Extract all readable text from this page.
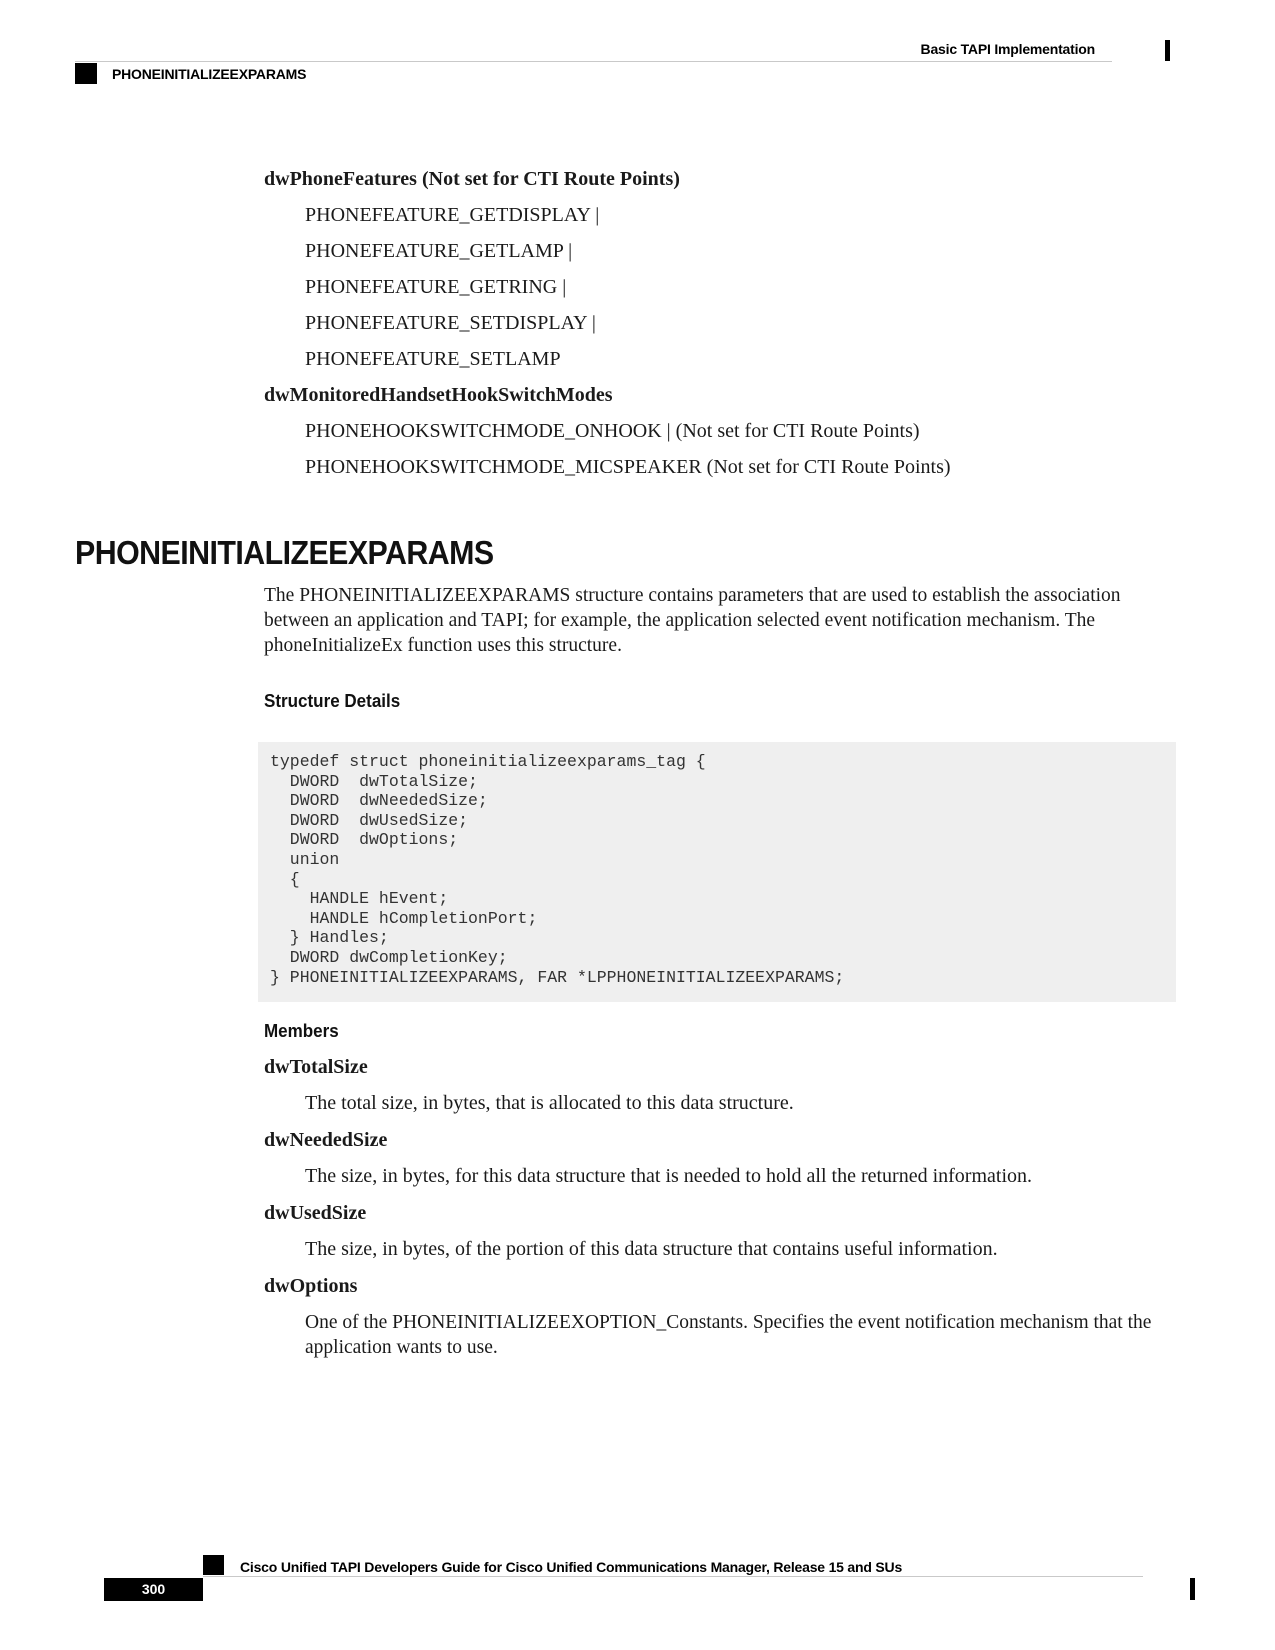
Basic TAPI Implementation
PHONEINITIALIZEEXPARAMS
dwPhoneFeatures (Not set for CTI Route Points)
PHONEFEATURE_GETDISPLAY |
PHONEFEATURE_GETLAMP |
PHONEFEATURE_GETRING |
PHONEFEATURE_SETDISPLAY |
PHONEFEATURE_SETLAMP
dwMonitoredHandsetHookSwitchModes
PHONEHOOKSWITCHMODE_ONHOOK | (Not set for CTI Route Points)
PHONEHOOKSWITCHMODE_MICSPEAKER (Not set for CTI Route Points)
PHONEINITIALIZEEXPARAMS
The PHONEINITIALIZEEXPARAMS structure contains parameters that are used to establish the association between an application and TAPI; for example, the application selected event notification mechanism. The phoneInitializeEx function uses this structure.
Structure Details
typedef struct phoneinitializeexparams_tag {
DWORD  dwTotalSize;
DWORD  dwNeededSize;
DWORD  dwUsedSize;
DWORD  dwOptions;
union
{
HANDLE hEvent;
HANDLE hCompletionPort;
} Handles;
DWORD dwCompletionKey;
} PHONEINITIALIZEEXPARAMS, FAR *LPPHONEINITIALIZEEXPARAMS;
Members
dwTotalSize
The total size, in bytes, that is allocated to this data structure.
dwNeededSize
The size, in bytes, for this data structure that is needed to hold all the returned information.
dwUsedSize
The size, in bytes, of the portion of this data structure that contains useful information.
dwOptions
One of the PHONEINITIALIZEEXOPTION_Constants. Specifies the event notification mechanism that the application wants to use.
Cisco Unified TAPI Developers Guide for Cisco Unified Communications Manager, Release 15 and SUs
300
